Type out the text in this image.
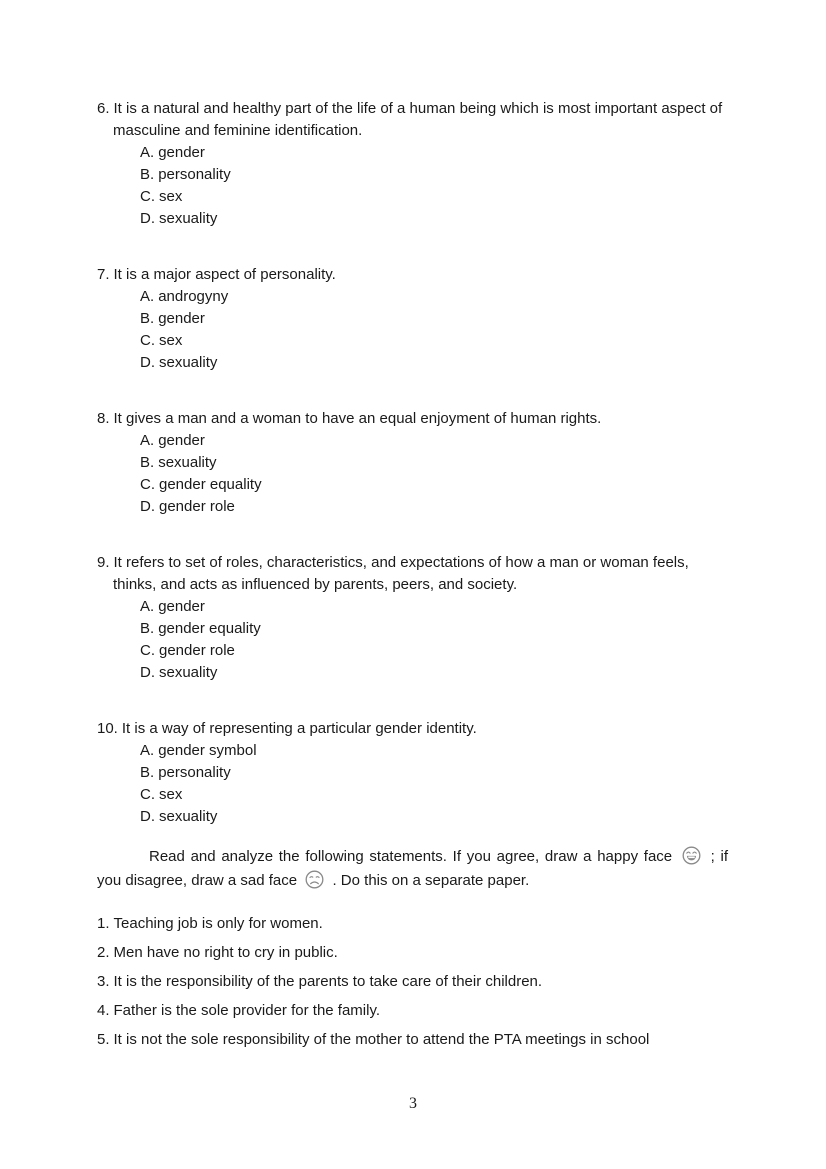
6. It is a natural and healthy part of the life of a human being which is most important aspect of masculine and feminine identification.

A. gender

B. personality

C. sex

D. sexuality

7. It is a major aspect of personality.

A. androgyny

B. gender

C. sex

D. sexuality

8. It gives a man and a woman to have an equal enjoyment of human rights.

A. gender

B. sexuality

C. gender equality

D. gender role

9. It refers to set of roles, characteristics, and expectations of how a man or woman feels, thinks, and acts as influenced by parents, peers, and society.

A. gender

B. gender equality

C. gender role

D. sexuality

10. It is a way of representing a particular gender identity.

A. gender symbol

B. personality

C. sex

D. sexuality

Read and analyze the following statements. If you agree, draw a happy face	; if you disagree, draw a sad face . Do this on a separate paper.

1. Teaching job is only for women.

2. Men have no right to cry in public.

3. It is the responsibility of the parents to take care of their children.

4. Father is the sole provider for the family.

5. It is not the sole responsibility of the mother to attend the PTA meetings in school

3
